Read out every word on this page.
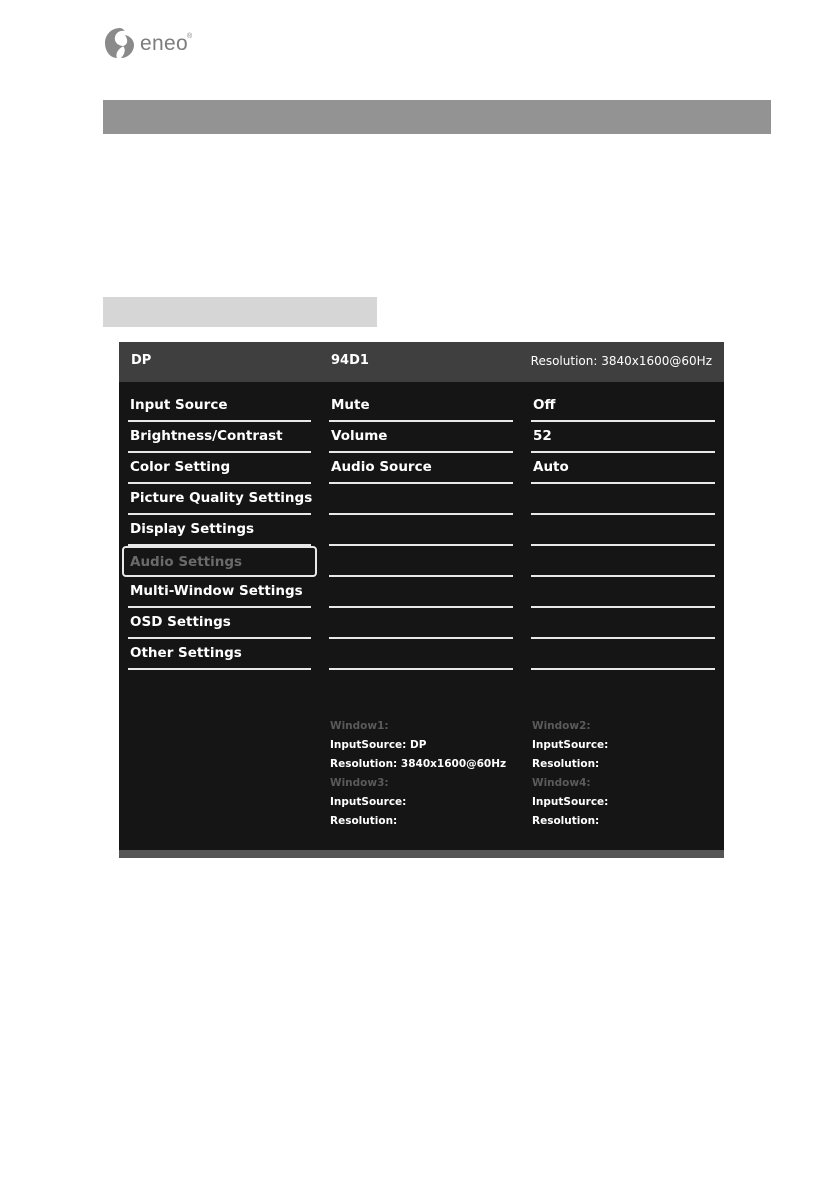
eneo ®
DP	94D1	Resolution: 3840x1600@60Hz
Input Source
Brightness/Contrast
Color Setting
Picture Quality Settings
Display Settings
Audio Settings
Multi-Window Settings
OSD Settings
Other Settings
Mute
Volume
Audio Source
Off
52
Auto
Window1:
InputSource: DP
Resolution: 3840x1600@60Hz
Window3:
InputSource:
Resolution:
Window2:
InputSource:
Resolution:
Window4:
InputSource:
Resolution:
